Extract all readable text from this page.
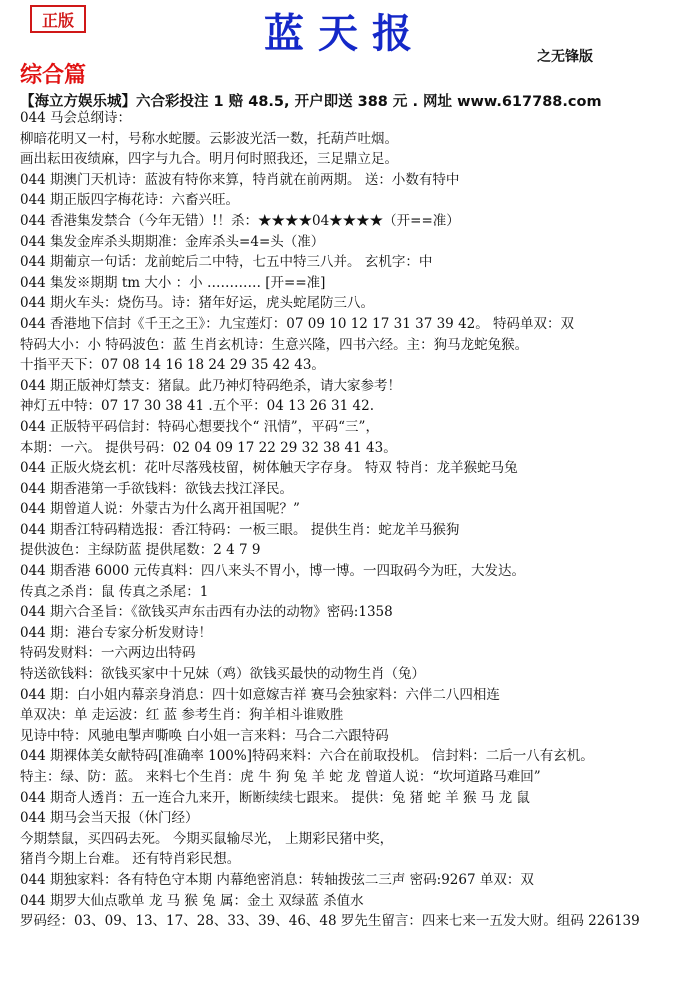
正版	蓝天报	之无锋版
综合篇
【海立方娱乐城】六合彩投注 1 赔 48.5, 开户即送 388 元 . 网址 www.617788.com
044 马会总纲诗：
柳暗花明又一村，号称水蛇腰。云影波光活一数，托葫芦吐烟。
画出耘田夜绩麻，四字与九合。明月何时照我还，三足鼎立足。
044 期澳门天机诗：蓝波有特你来算，特肖就在前两期。 送：小数有特中
044 期正版四字梅花诗：六畜兴旺。
044 香港集发禁合（今年无错）!！杀：★★★★04★★★★（开==准）
044 集发金库杀头期期准：金库杀头=4=头（准）
044 期葡京一句话：龙前蛇后二中特，七五中特三八并。 玄机字：中
044 集发※期期 tm 大小 ：小 ………… [开==准]
044 期火车头：烧伤马。诗：猪年好运，虎头蛇尾防三八。
044 香港地下信封《千王之王》：九宝莲灯：07 09 10 12 17 31 37 39 42。 特码单双：双
特码大小：小 特码波色：蓝 生肖玄机诗：生意兴隆，四书六经。主：狗马龙蛇兔猴。
十指平天下：07 08 14 16 18 24 29 35 42 43。
044 期正版神灯禁支：猪鼠。此乃神灯特码绝杀，请大家参考！
神灯五中特：07 17 30 38 41 .五个平：04 13 26 31 42.
044 正版特平码信封：特码心想要找个“ 汛情”，平码“三”，
本期：一六。 提供号码：02 04 09 17 22 29 32 38 41 43。
044 正版火烧玄机：花叶尽落残枝留，树体触天字存身。 特双 特肖：龙羊猴蛇马兔
044 期香港第一手欲钱料：欲钱去找江泽民。
044 期曾道人说：外蒙古为什么离开祖国呢？”
044 期香江特码精选报：香江特码：一板三眼。 提供生肖：蛇龙羊马猴狗
提供波色：主绿防蓝 提供尾数：2 4 7 9
044 期香港 6000 元传真料：四八来头不胃小，博一博。一四取码今为旺，大发达。
传真之杀肖：鼠 传真之杀尾：1
044 期六合圣旨：《欲钱买声东击西有办法的动物》密码:1358
044 期：港台专家分析发财诗！
特码发财料：一六两边出特码
特送欲钱料：欲钱买家中十兄妹（鸡）欲钱买最快的动物生肖（兔）
044 期：白小姐内幕亲身消息：四十如意嫁吉祥 赛马会独家料：六伴二八四相连
单双决：单 走运波：红 蓝 参考生肖：狗羊相斗谁败胜
见诗中特：风驰电掣声嘶唤 白小姐一言来料：马合二六跟特码
044 期裸体美女献特码[准确率 100%]特码来料：六合在前取投机。 信封料：二后一八有玄机。
特主：绿、防：蓝。 来料七个生肖：虎 牛 狗 兔 羊 蛇 龙 曾道人说：“坎坷道路马难回”
044 期奇人透肖：五一连合九来开，断断续续七跟来。 提供：兔 猪 蛇 羊 猴 马 龙 鼠
044 期马会当天报（休门经）
今期禁鼠，买四码去死。 今期买鼠输尽光， 上期彩民猪中奖，
猪肖今期上台难。 还有特肖彩民想。
044 期独家料：各有特色守本期 内幕绝密消息：转轴拨弦二三声 密码:9267 单双：双
044 期罗大仙点歌单 龙 马 猴 兔 属：金土 双绿蓝 杀值水
罗码经：03、09、13、17、28、33、39、46、48 罗先生留言：四来七来一五发大财。组码 226139
